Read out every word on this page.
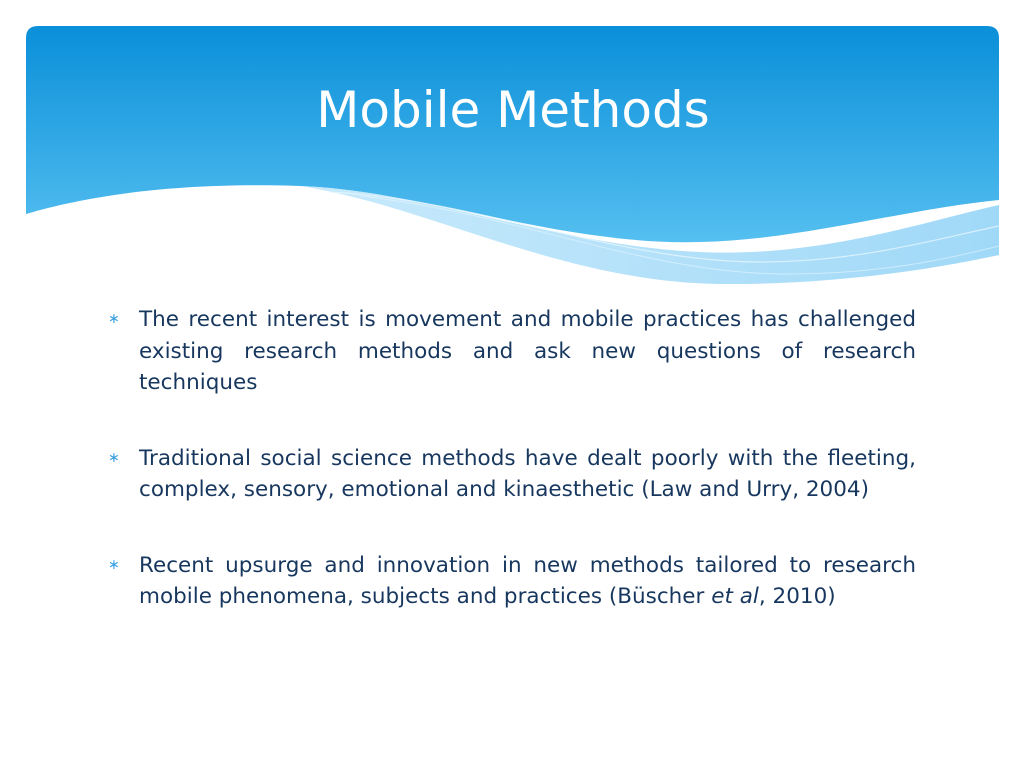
Mobile Methods
∗ The recent interest is movement and mobile practices has challenged existing research methods and ask new questions of research techniques
∗ Traditional social science methods have dealt poorly with the fleeting, complex, sensory, emotional and kinaesthetic (Law and Urry, 2004)
∗ Recent upsurge and innovation in new methods tailored to research mobile phenomena, subjects and practices (Büscher et al, 2010)
